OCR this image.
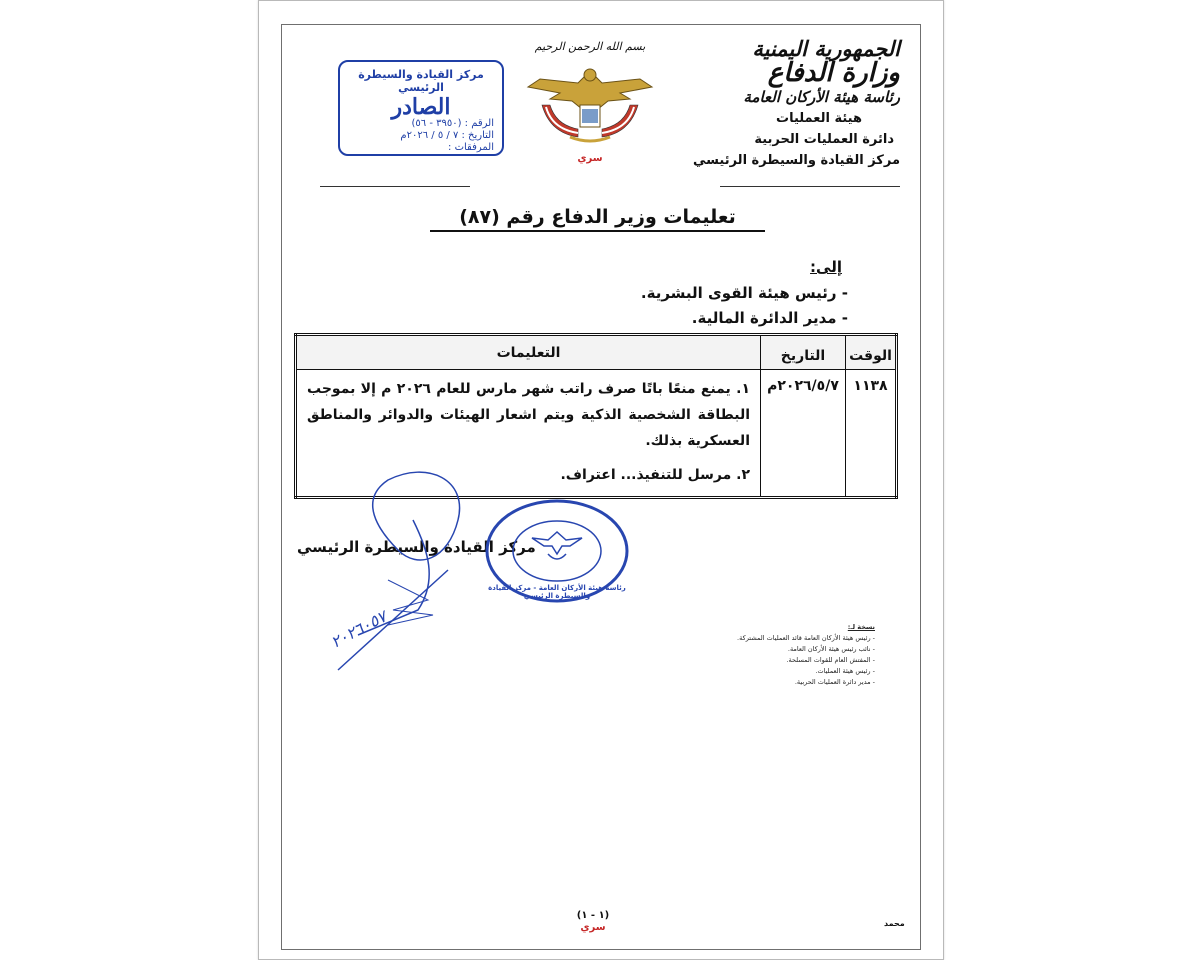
الجمهورية اليمنية
وزارة الدفاع
رئاسة هيئة الأركان العامة
هيئة العمليات
دائرة العمليات الحربية
مركز القيادة والسيطرة الرئيسي
بسم الله الرحمن الرحيم
سري
مركز القيادة والسيطرة الرئيسي
الصادر
الرقم : (٣٩٥٠ - ٥٦)
التاريخ : ٧ / ٥ / ٢٠٢٦م
المرفقات :
تعليمات وزير الدفاع رقم (٨٧)
إلى:
- رئيس هيئة القوى البشرية.
- مدير الدائرة المالية.
الوقت	التاريخ	التعليمات
١١٣٨	٢٠٢٦/٥/٧م	١. يمنع منعًا باتًا صرف راتب شهر مارس للعام ٢٠٢٦ م إلا بموجب البطاقة الشخصية الذكية ويتم اشعار الهيئات والدوائر والمناطق العسكرية بذلك.

٢. مرسل للتنفيذ... اعتراف.

مركز القيادة والسيطرة الرئيسي
رئاسة هيئة الأركان العامة - مركز القيادة والسيطرة الرئيسي
٢٠٢٦٠٥٧	نسخة لـ:
- رئيس هيئة الأركان العامة قائد العمليات المشتركة.
- نائب رئيس هيئة الأركان العامة.
- المفتش العام للقوات المسلحة.
- رئيس هيئة العمليات.
- مدير دائرة العمليات الحربية.
(١ - ١)
سري	محمد
